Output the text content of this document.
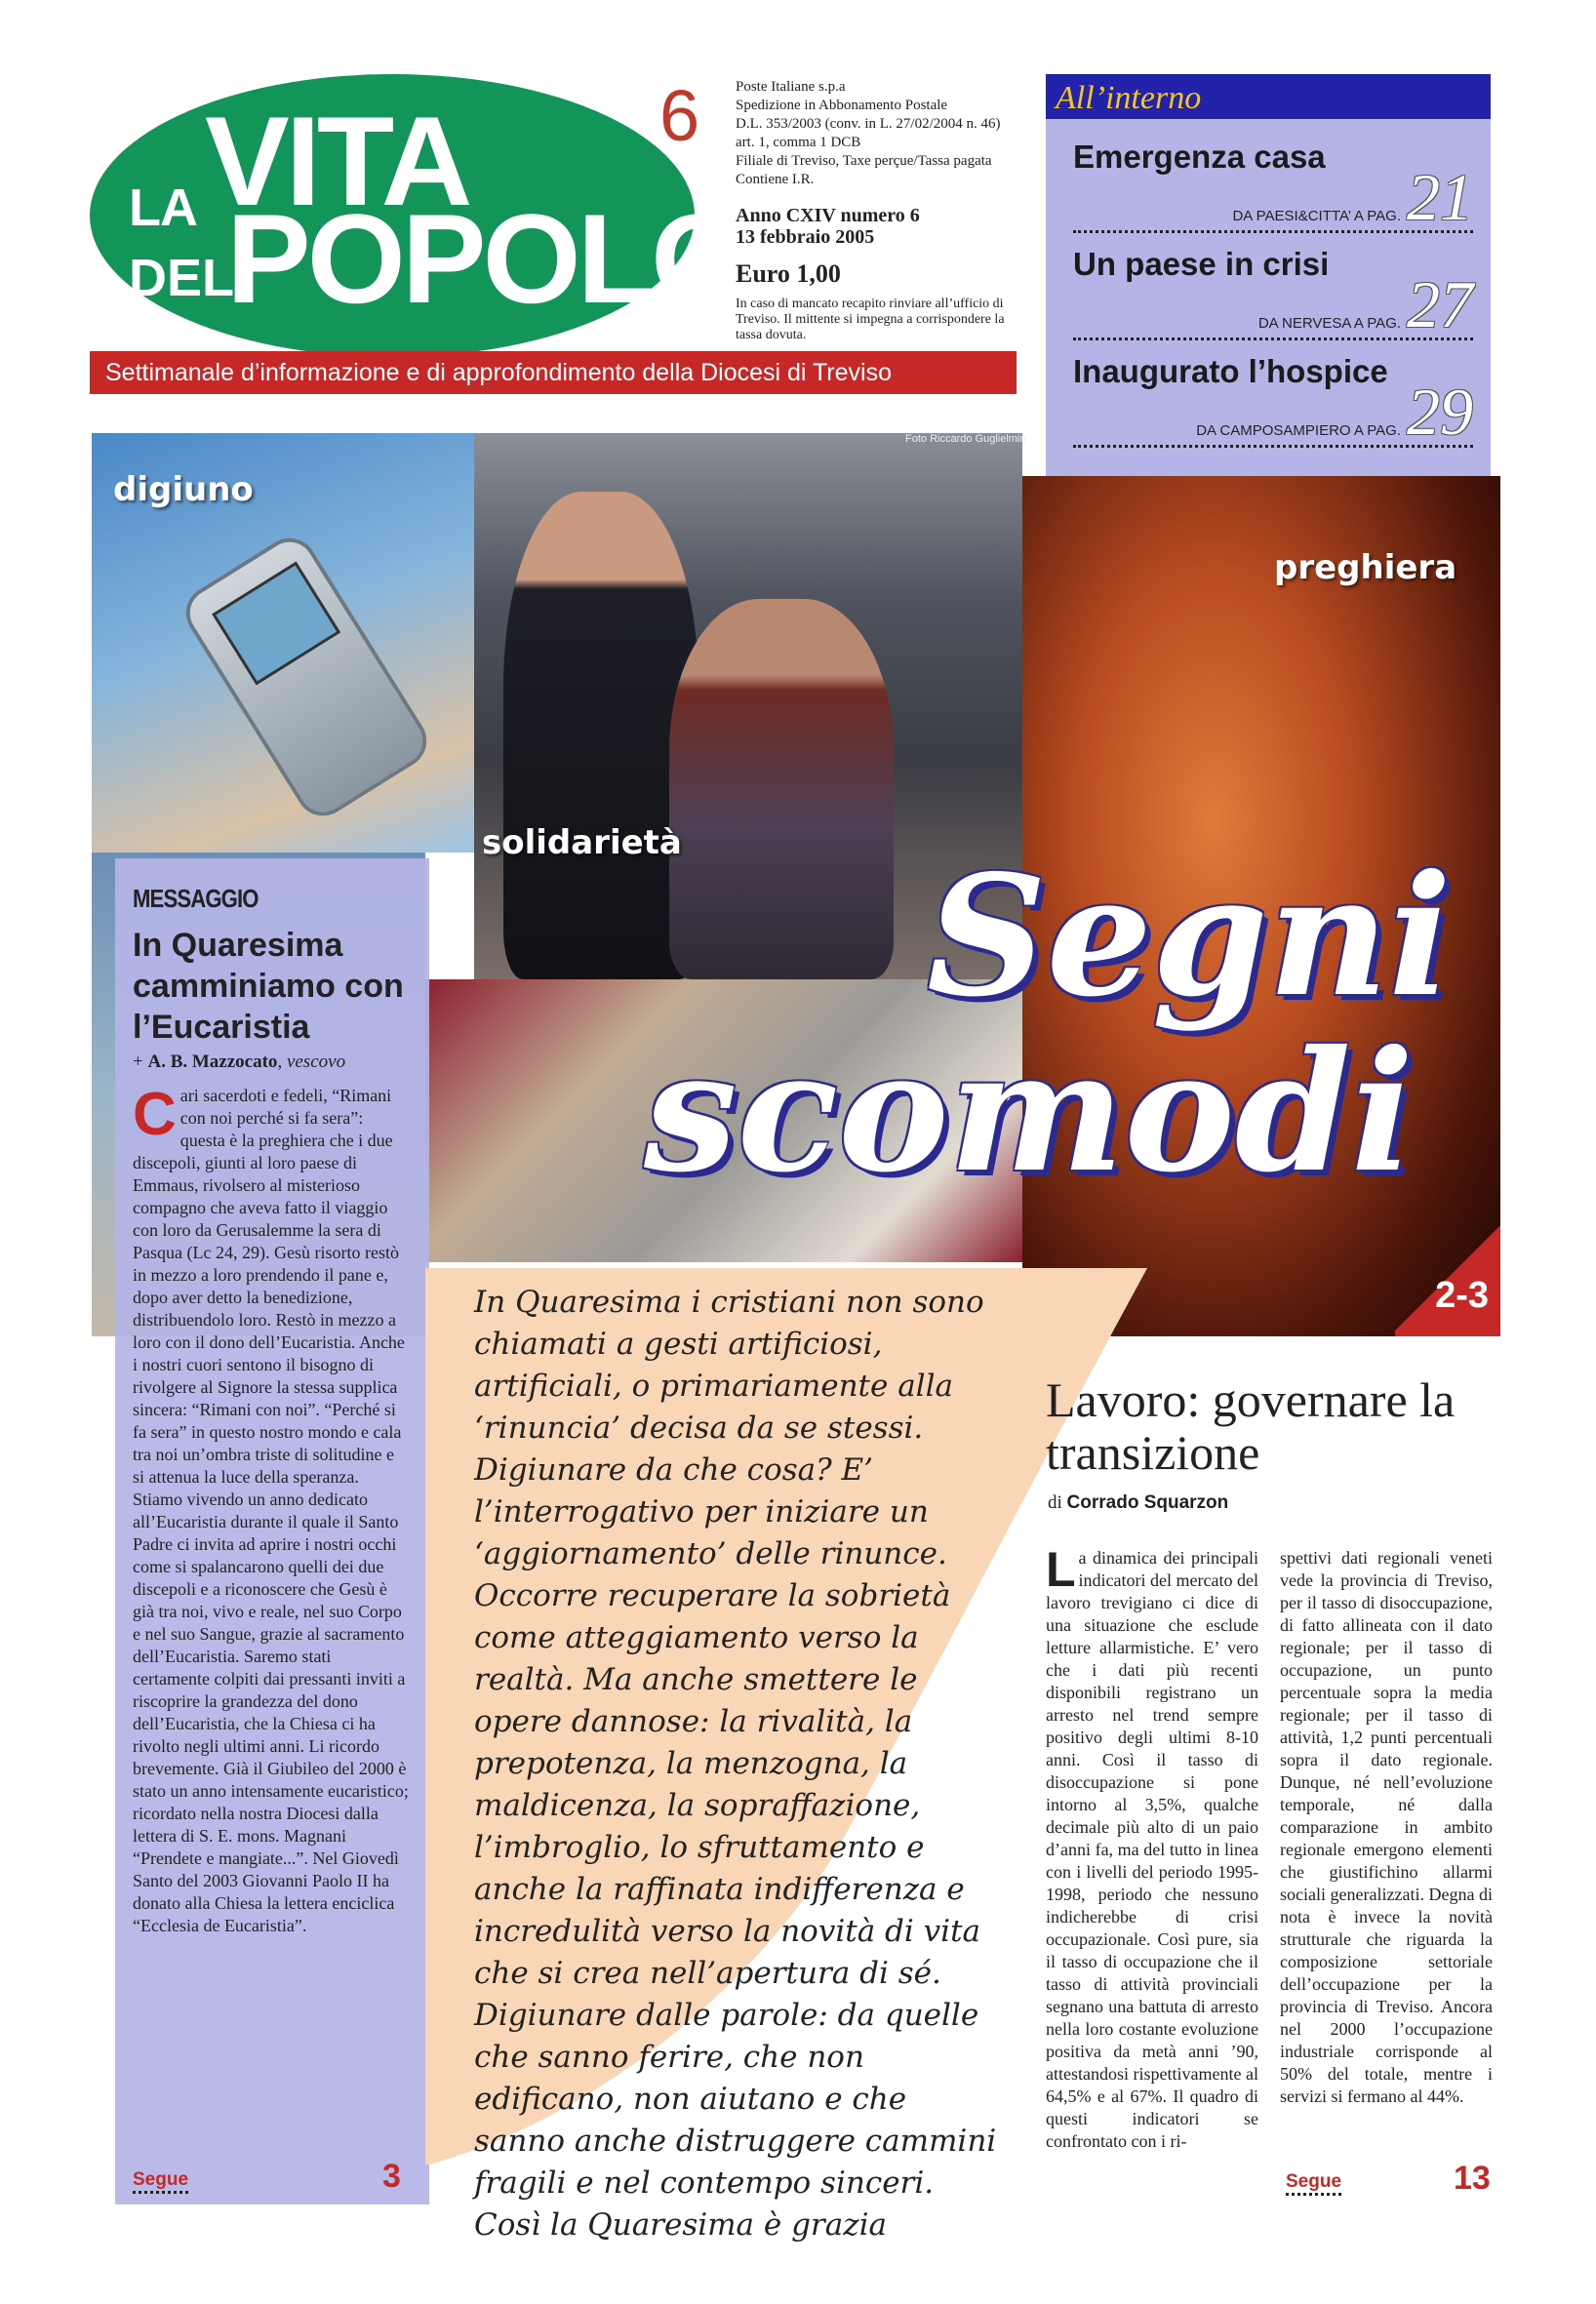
LA VITA
DEL
POPOLO
6 Poste Italiane s.p.a
Spedizione in Abbonamento Postale
D.L. 353/2003 (conv. in L. 27/02/2004 n. 46)
art. 1, comma 1 DCB
Filiale di Treviso, Taxe perçue/Tassa pagata
Contiene I.R.
Anno CXIV numero 6
13 febbraio 2005
Euro 1,00
In caso di mancato recapito rinviare all’ufficio di Treviso. Il mittente si impegna a corrispondere la tassa dovuta.
Settimanale d’informazione e di approfondimento della Diocesi di Treviso
All’interno
Emergenza casa
DA PAESI&CITTA’ A PAG. 21
Un paese in crisi
DA NERVESA A PAG. 27
Inaugurato l’hospice
DA CAMPOSAMPIERO A PAG. 29
digiuno
solidarietà
Foto Riccardo Guglielmin
preghiera
Segni
scomodi
2-3
MESSAGGIO
In Quaresima camminiamo con l’Eucaristia
+ A. B. Mazzocato, vescovo
Cari sacerdoti e fedeli, “Rimani con noi perché si fa sera”: questa è la preghiera che i due discepoli, giunti al loro paese di Emmaus, rivolsero al misterioso compagno che aveva fatto il viaggio con loro da Gerusalemme la sera di Pasqua (Lc 24, 29). Gesù risorto restò in mezzo a loro prendendo il pane e, dopo aver detto la benedizione, distribuendolo loro. Restò in mezzo a loro con il dono dell’Eucaristia. Anche i nostri cuori sentono il bisogno di rivolgere al Signore la stessa supplica sincera: “Rimani con noi”. “Perché si fa sera” in questo nostro mondo e cala tra noi un’ombra triste di solitudine e si attenua la luce della speranza. Stiamo vivendo un anno dedicato all’Eucaristia durante il quale il Santo Padre ci invita ad aprire i nostri occhi come si spalancarono quelli dei due discepoli e a riconoscere che Gesù è già tra noi, vivo e reale, nel suo Corpo e nel suo Sangue, grazie al sacramento dell’Eucaristia. Saremo stati certamente colpiti dai pressanti inviti a riscoprire la grandezza del dono dell’Eucaristia, che la Chiesa ci ha rivolto negli ultimi anni. Li ricordo brevemente. Già il Giubileo del 2000 è stato un anno intensamente eucaristico; ricordato nella nostra Diocesi dalla lettera di S. E. mons. Magnani “Prendete e mangiate...”. Nel Giovedì Santo del 2003 Giovanni Paolo II ha donato alla Chiesa la lettera enciclica “Ecclesia de Eucaristia”.
Segue	3
In Quaresima i cristiani non sono chiamati a gesti artificiosi, artificiali, o primariamente alla ‘rinuncia’ decisa da se stessi. Digiunare da che cosa? E’ l’interrogativo per iniziare un ‘aggiornamento’ delle rinunce. Occorre recuperare la sobrietà come atteggiamento verso la realtà. Ma anche smettere le opere dannose: la rivalità, la prepotenza, la menzogna, la maldicenza, la sopraffazione, l’imbroglio, lo sfruttamento e anche la raffinata indifferenza e incredulità verso la novità di vita che si crea nell’apertura di sé. Digiunare dalle parole: da quelle che sanno ferire, che non edificano, non aiutano e che sanno anche distruggere cammini fragili e nel contempo sinceri. Così la Quaresima è grazia
Lavoro: governare la transizione
di Corrado Squarzon
La dinamica dei principali indicatori del mercato del lavoro trevigiano ci dice di una situazione che esclude letture allarmistiche. E’ vero che i dati più recenti disponibili registrano un arresto nel trend sempre positivo degli ultimi 8-10 anni. Così il tasso di disoccupazione si pone intorno al 3,5%, qualche decimale più alto di un paio d’anni fa, ma del tutto in linea con i livelli del periodo 1995-1998, periodo che nessuno indicherebbe di crisi occupazionale. Così pure, sia il tasso di occupazione che il tasso di attività provinciali segnano una battuta di arresto nella loro costante evoluzione positiva da metà anni ’90, attestandosi rispettivamente al 64,5% e al 67%. Il quadro di questi indicatori se confrontato con i ri-
spettivi dati regionali veneti vede la provincia di Treviso, per il tasso di disoccupazione, di fatto allineata con il dato regionale; per il tasso di occupazione, un punto percentuale sopra la media regionale; per il tasso di attività, 1,2 punti percentuali sopra il dato regionale. Dunque, né nell’evoluzione temporale, né dalla comparazione in ambito regionale emergono elementi che giustifichino allarmi sociali generalizzati. Degna di nota è invece la novità strutturale che riguarda la composizione settoriale dell’occupazione per la provincia di Treviso. Ancora nel 2000 l’occupazione industriale corrisponde al 50% del totale, mentre i servizi si fermano al 44%.
Segue	13
